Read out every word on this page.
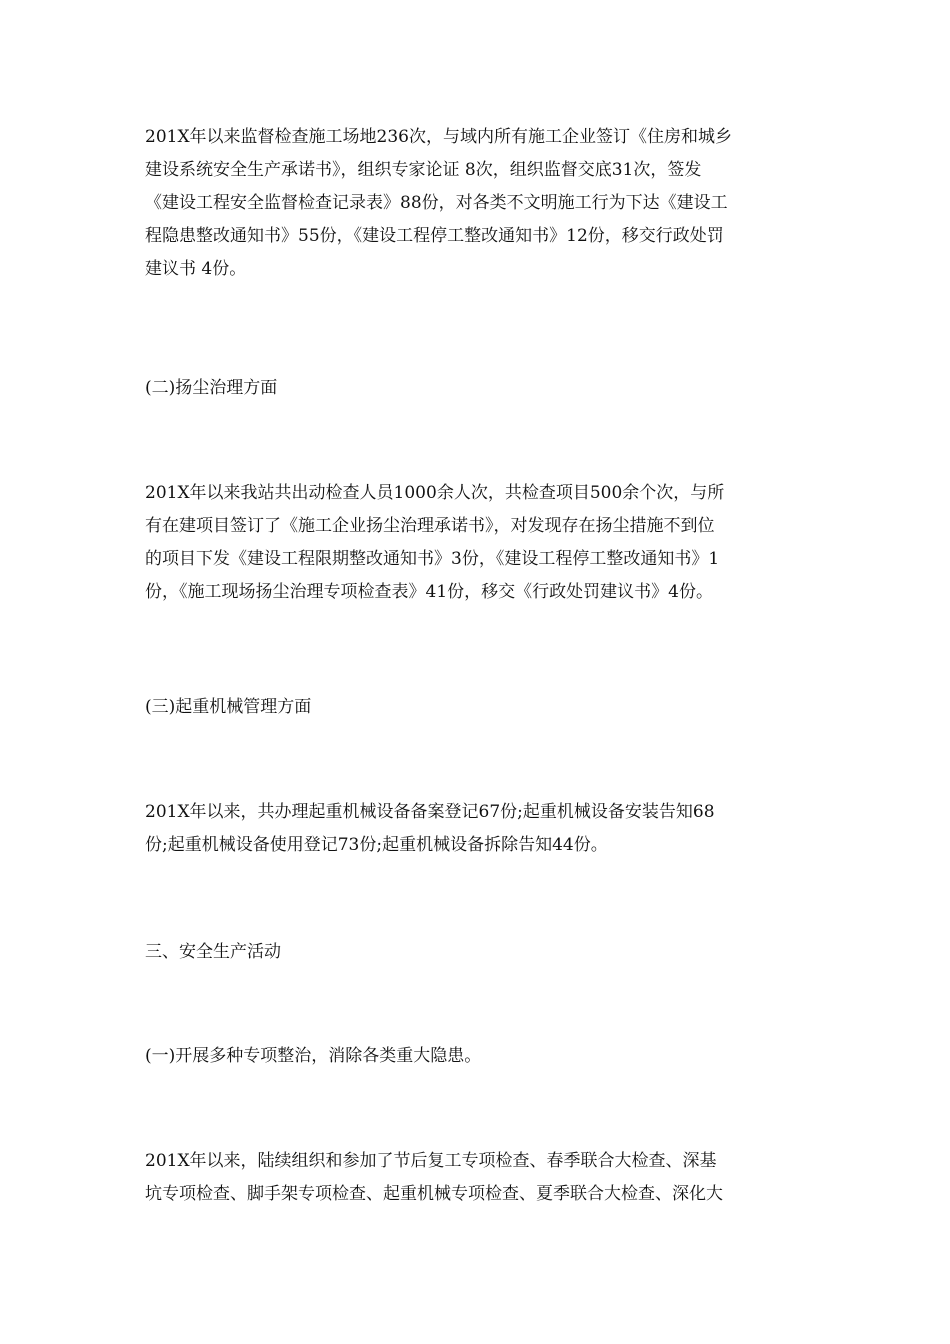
201X年以来监督检查施工场地236次，与域内所有施工企业签订《住房和城乡
建设系统安全生产承诺书》，组织专家论证 8次，组织监督交底31次，签发
《建设工程安全监督检查记录表》88份，对各类不文明施工行为下达《建设工
程隐患整改通知书》55份，《建设工程停工整改通知书》12份，移交行政处罚
建议书 4份。
(二)扬尘治理方面
201X年以来我站共出动检查人员1000余人次，共检查项目500余个次，与所
有在建项目签订了《施工企业扬尘治理承诺书》，对发现存在扬尘措施不到位
的项目下发《建设工程限期整改通知书》3份，《建设工程停工整改通知书》1
份，《施工现场扬尘治理专项检查表》41份，移交《行政处罚建议书》4份。
(三)起重机械管理方面
201X年以来，共办理起重机械设备备案登记67份;起重机械设备安装告知68
份;起重机械设备使用登记73份;起重机械设备拆除告知44份。
三、安全生产活动
(一)开展多种专项整治，消除各类重大隐患。
201X年以来，陆续组织和参加了节后复工专项检查、春季联合大检查、深基
坑专项检查、脚手架专项检查、起重机械专项检查、夏季联合大检查、深化大
